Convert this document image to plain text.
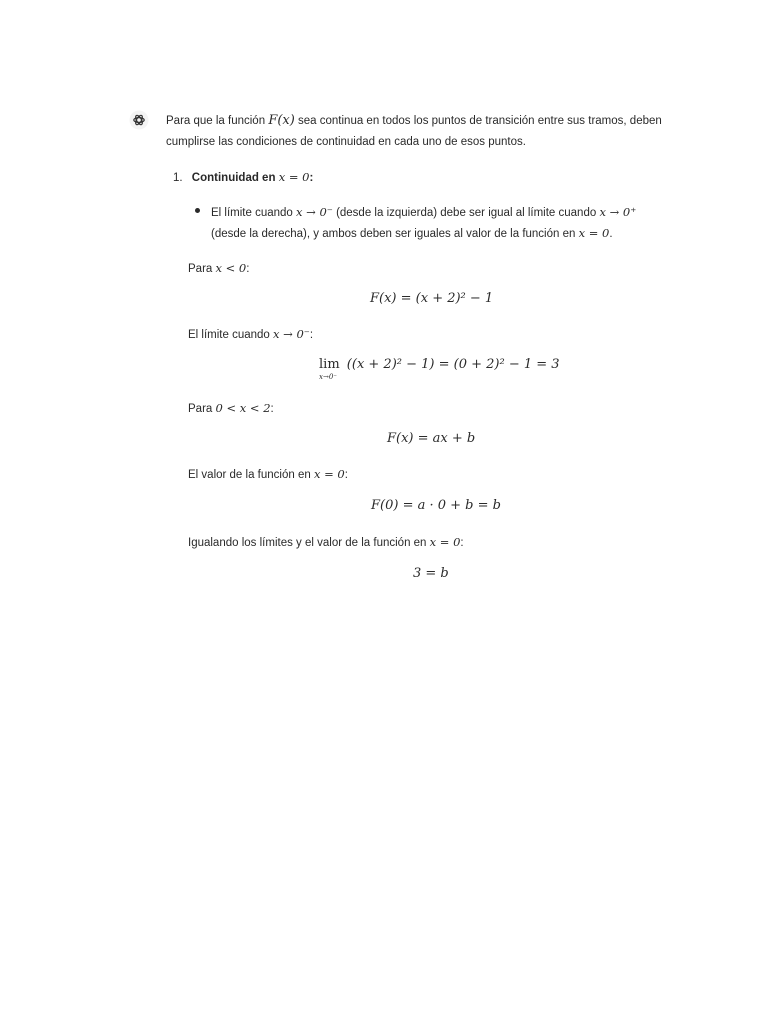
Para que la función F(x) sea continua en todos los puntos de transición entre sus tramos, deben
cumplirse las condiciones de continuidad en cada uno de esos puntos.
1. Continuidad en x = 0:
El límite cuando x → 0⁻ (desde la izquierda) debe ser igual al límite cuando x → 0⁺
(desde la derecha), y ambos deben ser iguales al valor de la función en x = 0.
Para x < 0:
F(x) = (x + 2)² − 1
El límite cuando x → 0⁻:
lim ((x + 2)² − 1) = (0 + 2)² − 1 = 3
x→0⁻
Para 0 < x < 2:
F(x) = ax + b
El valor de la función en x = 0:
F(0) = a · 0 + b = b
Igualando los límites y el valor de la función en x = 0:
3 = b
